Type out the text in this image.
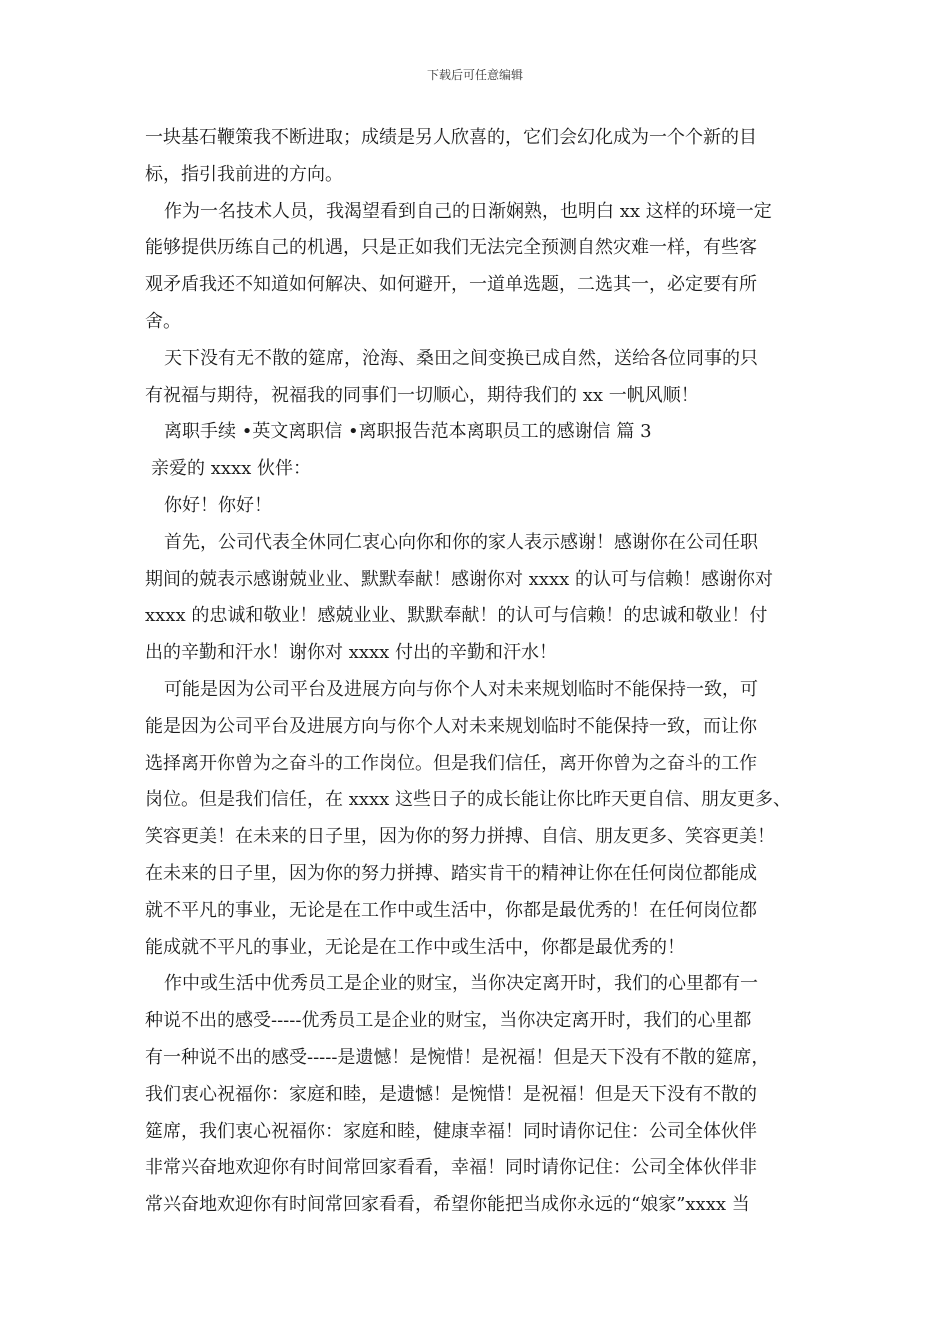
下载后可任意编辑
一块基石鞭策我不断进取；成绩是另人欣喜的，它们会幻化成为一个个新的目
标，指引我前进的方向。
作为一名技术人员，我渴望看到自己的日渐娴熟，也明白 xx 这样的环境一定
能够提供历练自己的机遇，只是正如我们无法完全预测自然灾难一样，有些客
观矛盾我还不知道如何解决、如何避开，一道单选题，二选其一，必定要有所
舍。
天下没有无不散的筵席，沧海、桑田之间变换已成自然，送给各位同事的只
有祝福与期待，祝福我的同事们一切顺心，期待我们的 xx 一帆风顺！
离职手续 •英文离职信 •离职报告范本离职员工的感谢信 篇 3
亲爱的 xxxx 伙伴：
你好！你好！
首先，公司代表全休同仁衷心向你和你的家人表示感谢！感谢你在公司任职
期间的兢表示感谢兢业业、默默奉献！感谢你对 xxxx 的认可与信赖！感谢你对
xxxx 的忠诚和敬业！感兢业业、默默奉献！的认可与信赖！的忠诚和敬业！付
出的辛勤和汗水！谢你对 xxxx 付出的辛勤和汗水！
可能是因为公司平台及进展方向与你个人对未来规划临时不能保持一致，可
能是因为公司平台及进展方向与你个人对未来规划临时不能保持一致，而让你
选择离开你曾为之奋斗的工作岗位。但是我们信任，离开你曾为之奋斗的工作
岗位。但是我们信任，在 xxxx 这些日子的成长能让你比昨天更自信、朋友更多、
笑容更美！在未来的日子里，因为你的努力拼搏、自信、朋友更多、笑容更美！
在未来的日子里，因为你的努力拼搏、踏实肯干的精神让你在任何岗位都能成
就不平凡的事业，无论是在工作中或生活中，你都是最优秀的！在任何岗位都
能成就不平凡的事业，无论是在工作中或生活中，你都是最优秀的！
作中或生活中优秀员工是企业的财宝，当你决定离开时，我们的心里都有一
种说不出的感受-----优秀员工是企业的财宝，当你决定离开时，我们的心里都
有一种说不出的感受-----是遗憾！是惋惜！是祝福！但是天下没有不散的筵席，
我们衷心祝福你：家庭和睦，是遗憾！是惋惜！是祝福！但是天下没有不散的
筵席，我们衷心祝福你：家庭和睦，健康幸福！同时请你记住：公司全体伙伴
非常兴奋地欢迎你有时间常回家看看，幸福！同时请你记住：公司全体伙伴非
常兴奋地欢迎你有时间常回家看看，希望你能把当成你永远的“娘家”xxxx 当
